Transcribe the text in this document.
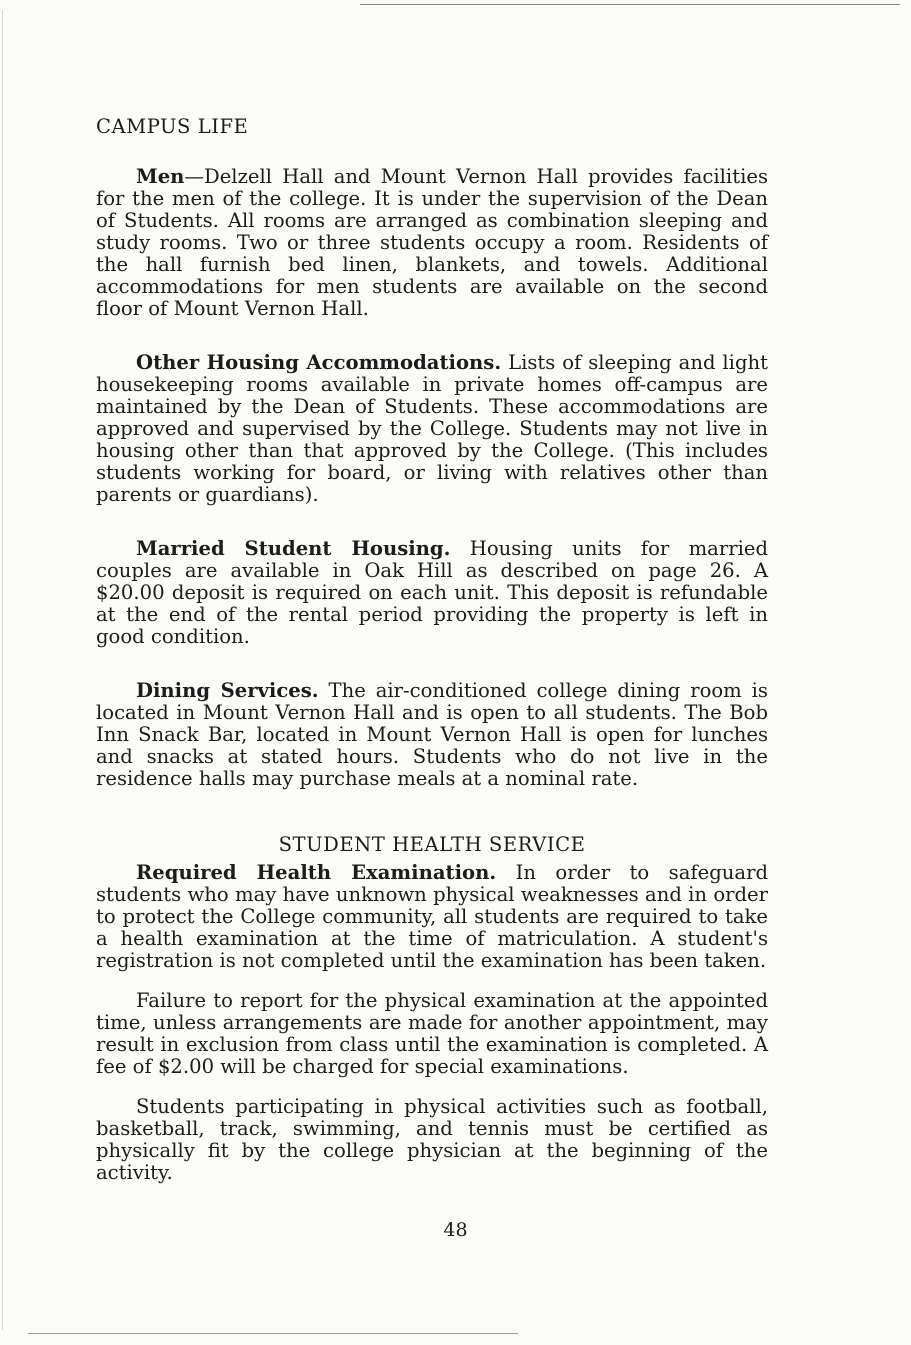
CAMPUS LIFE

Men—Delzell Hall and Mount Vernon Hall provides facilities for the men of the college. It is under the supervision of the Dean of Students. All rooms are arranged as combination sleeping and study rooms. Two or three students occupy a room. Residents of the hall furnish bed linen, blankets, and towels. Additional accommodations for men students are available on the second floor of Mount Vernon Hall.

Other Housing Accommodations. Lists of sleeping and light housekeeping rooms available in private homes off-campus are maintained by the Dean of Students. These accommodations are approved and supervised by the College. Students may not live in housing other than that approved by the College. (This includes students working for board, or living with relatives other than parents or guardians).

Married Student Housing. Housing units for married couples are available in Oak Hill as described on page 26. A $20.00 deposit is required on each unit. This deposit is refundable at the end of the rental period providing the property is left in good condition.

Dining Services. The air-conditioned college dining room is located in Mount Vernon Hall and is open to all students. The Bob Inn Snack Bar, located in Mount Vernon Hall is open for lunches and snacks at stated hours. Students who do not live in the residence halls may purchase meals at a nominal rate.

STUDENT HEALTH SERVICE

Required Health Examination. In order to safeguard students who may have unknown physical weaknesses and in order to protect the College community, all students are required to take a health examination at the time of matriculation. A student's registration is not completed until the examination has been taken.

Failure to report for the physical examination at the appointed time, unless arrangements are made for another appointment, may result in exclusion from class until the examination is completed. A fee of $2.00 will be charged for special examinations.

Students participating in physical activities such as football, basketball, track, swimming, and tennis must be certified as physically fit by the college physician at the beginning of the activity.

48
